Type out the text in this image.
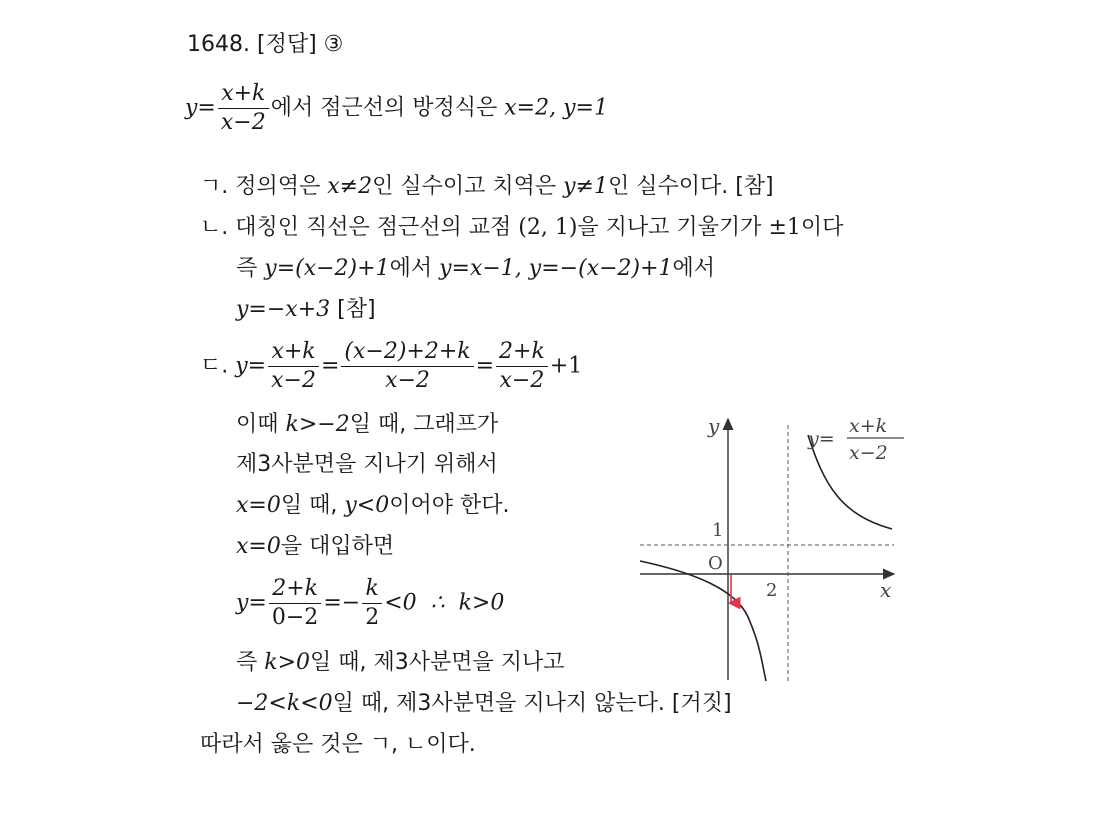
1648. [정답] ③
$y= \frac{x+k}{x-2}$ 에서 점근선의 방정식은 x=2, y=1
ㄱ. 정의역은 x≠2인 실수이고 치역은 y≠1인 실수이다. [참]
ㄴ. 대칭인 직선은 점근선의 교점 (2, 1)을 지나고 기울기가 ±1이다
즉 y=(x−2)+1에서 y=x−1, y=−(x−2)+1에서
y=−x+3 [참]
ㄷ. $y= \frac{x+k}{x-2} = \frac{(x-2)+2+k}{x-2} = \frac{2+k}{x-2} +1$
이때 k>−2일 때, 그래프가
제3사분면을 지나기 위해서
x=0일 때, y<0이어야 한다.
x=0을 대입하면
$y= \frac{2+k}{0-2} =- \frac{k}{2} <0$  ∴  k>0
즉 k>0일 때, 제3사분면을 지나고
−2<k<0일 때, 제3사분면을 지나지 않는다. [거짓]
따라서 옳은 것은 ㄱ, ㄴ이다.
y
x
O
1
2
y=
x+k
x−2
